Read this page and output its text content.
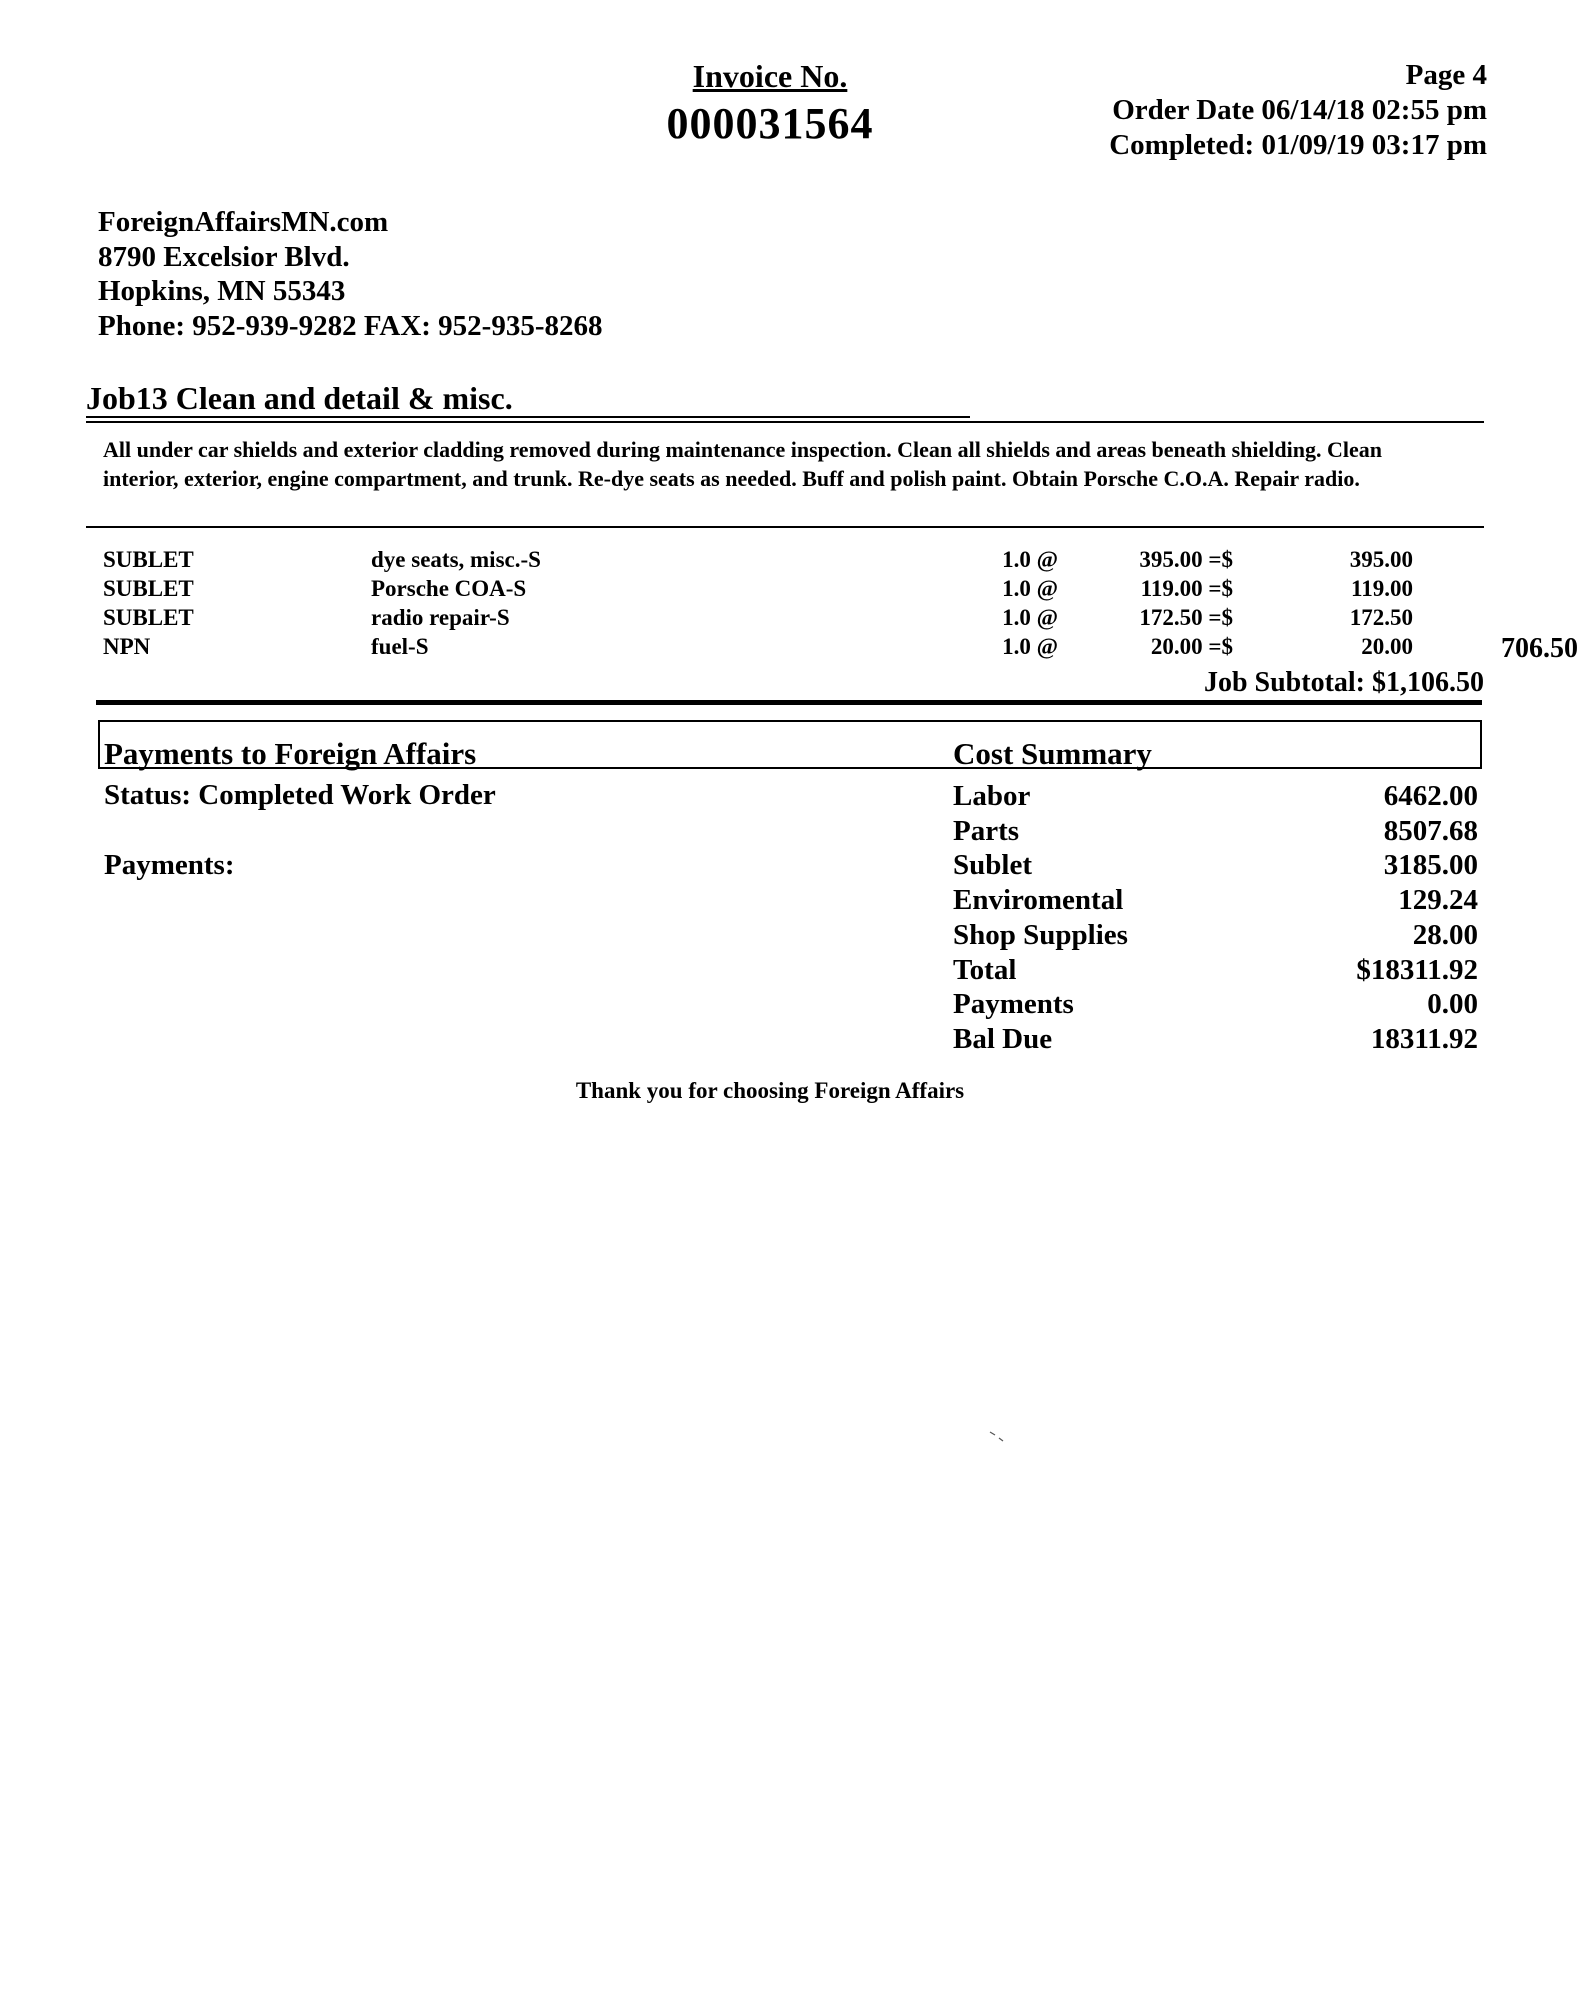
Invoice No.
000031564
Page 4
Order Date 06/14/18 02:55 pm
Completed: 01/09/19 03:17 pm
ForeignAffairsMN.com
8790 Excelsior Blvd.
Hopkins, MN 55343
Phone: 952-939-9282 FAX: 952-935-8268
Job13 Clean and detail & misc.
All under car shields and exterior cladding removed during maintenance inspection. Clean all shields and areas beneath shielding. Clean interior, exterior, engine compartment, and trunk. Re-dye seats as needed. Buff and polish paint. Obtain Porsche C.O.A. Repair radio.
SUBLET	dye seats, misc.-S	1.0 @	395.00 =$	395.00
SUBLET	Porsche COA-S	1.0 @	119.00 =$	119.00
SUBLET	radio repair-S	1.0 @	172.50 =$	172.50
NPN	fuel-S	1.0 @	20.00 =$	20.00	706.50
Job Subtotal: $1,106.50
Payments to Foreign Affairs	Cost Summary
Status: Completed Work Order
Payments:
Labor	6462.00
Parts	8507.68
Sublet	3185.00
Enviromental	129.24
Shop Supplies	28.00
Total	$18311.92
Payments	0.00
Bal Due	18311.92
Thank you for choosing Foreign Affairs
